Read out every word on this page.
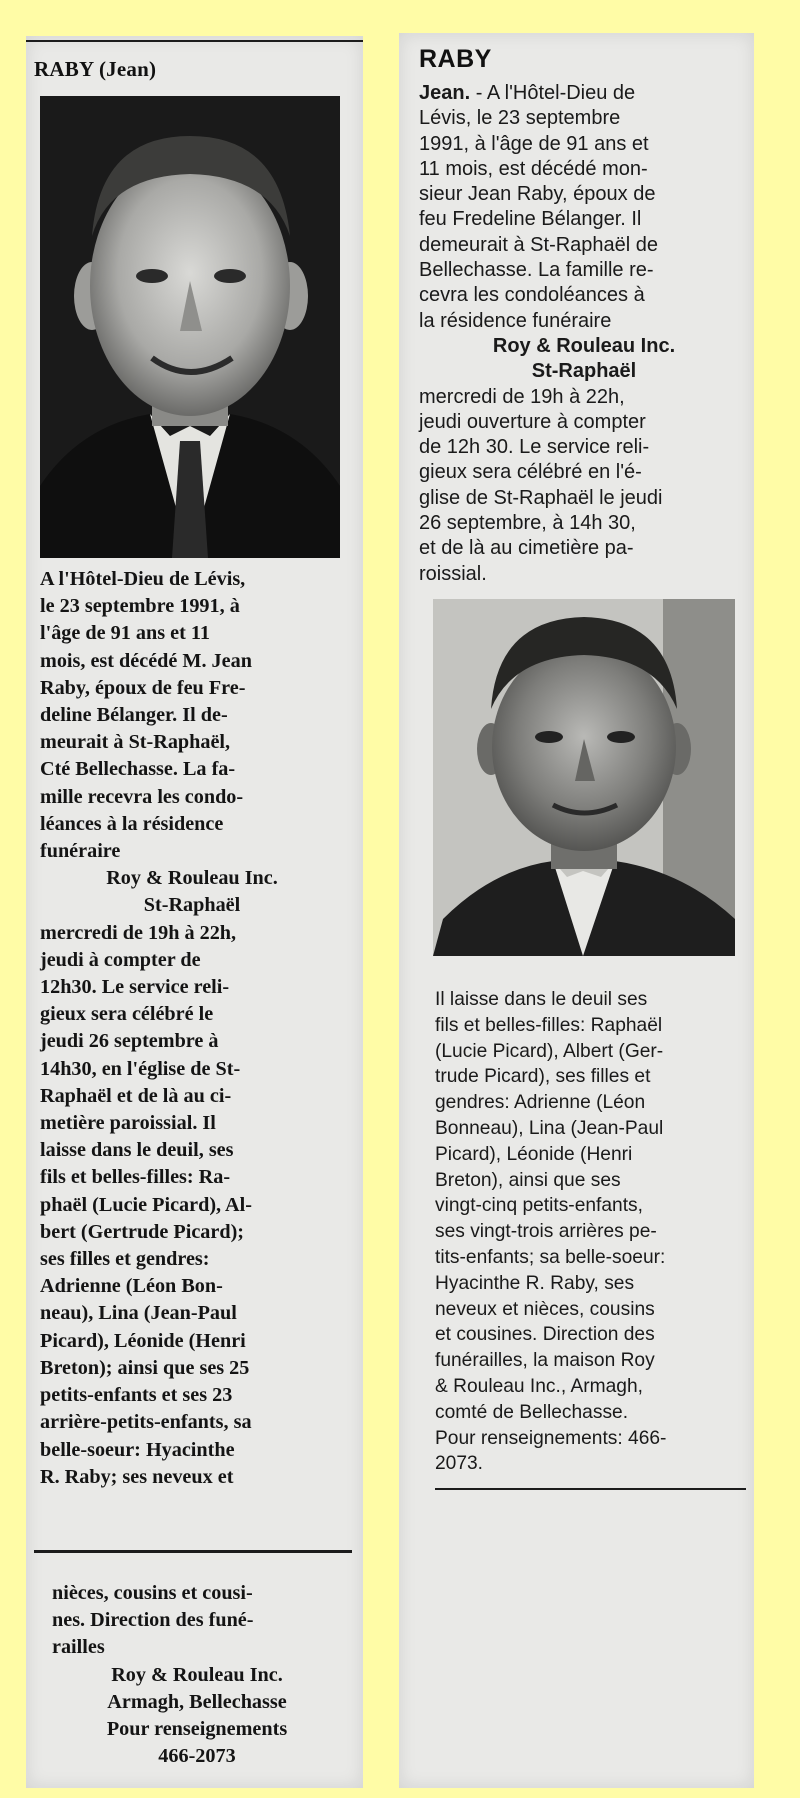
RABY (Jean)
A l'Hôtel-Dieu de Lévis,
le 23 septembre 1991, à
l'âge de 91 ans et 11
mois, est décédé M. Jean
Raby, époux de feu Fre-
deline Bélanger. Il de-
meurait à St-Raphaël,
Cté Bellechasse. La fa-
mille recevra les condo-
léances à la résidence
funéraire
Roy & Rouleau Inc.
St-Raphaël
mercredi de 19h à 22h,
jeudi à compter de
12h30. Le service reli-
gieux sera célébré le
jeudi 26 septembre à
14h30, en l'église de St-
Raphaël et de là au ci-
metière paroissial. Il
laisse dans le deuil, ses
fils et belles-filles: Ra-
phaël (Lucie Picard), Al-
bert (Gertrude Picard);
ses filles et gendres:
Adrienne (Léon Bon-
neau), Lina (Jean-Paul
Picard), Léonide (Henri
Breton); ainsi que ses 25
petits-enfants et ses 23
arrière-petits-enfants, sa
belle-soeur: Hyacinthe
R. Raby; ses neveux et
nièces, cousins et cousi-
nes. Direction des funé-
railles
Roy & Rouleau Inc.
Armagh, Bellechasse
Pour renseignements
466-2073
RABY
Jean. - A l'Hôtel-Dieu de
Lévis, le 23 septembre
1991, à l'âge de 91 ans et
11 mois, est décédé mon-
sieur Jean Raby, époux de
feu Fredeline Bélanger. Il
demeurait à St-Raphaël de
Bellechasse. La famille re-
cevra les condoléances à
la résidence funéraire
Roy & Rouleau Inc.
St-Raphaël
mercredi de 19h à 22h,
jeudi ouverture à compter
de 12h 30. Le service reli-
gieux sera célébré en l'é-
glise de St-Raphaël le jeudi
26 septembre, à 14h 30,
et de là au cimetière pa-
roissial.
Il laisse dans le deuil ses
fils et belles-filles: Raphaël
(Lucie Picard), Albert (Ger-
trude Picard), ses filles et
gendres: Adrienne (Léon
Bonneau), Lina (Jean-Paul
Picard), Léonide (Henri
Breton), ainsi que ses
vingt-cinq petits-enfants,
ses vingt-trois arrières pe-
tits-enfants; sa belle-soeur:
Hyacinthe R. Raby, ses
neveux et nièces, cousins
et cousines. Direction des
funérailles, la maison Roy
& Rouleau Inc., Armagh,
comté de Bellechasse.
Pour renseignements: 466-
2073.
